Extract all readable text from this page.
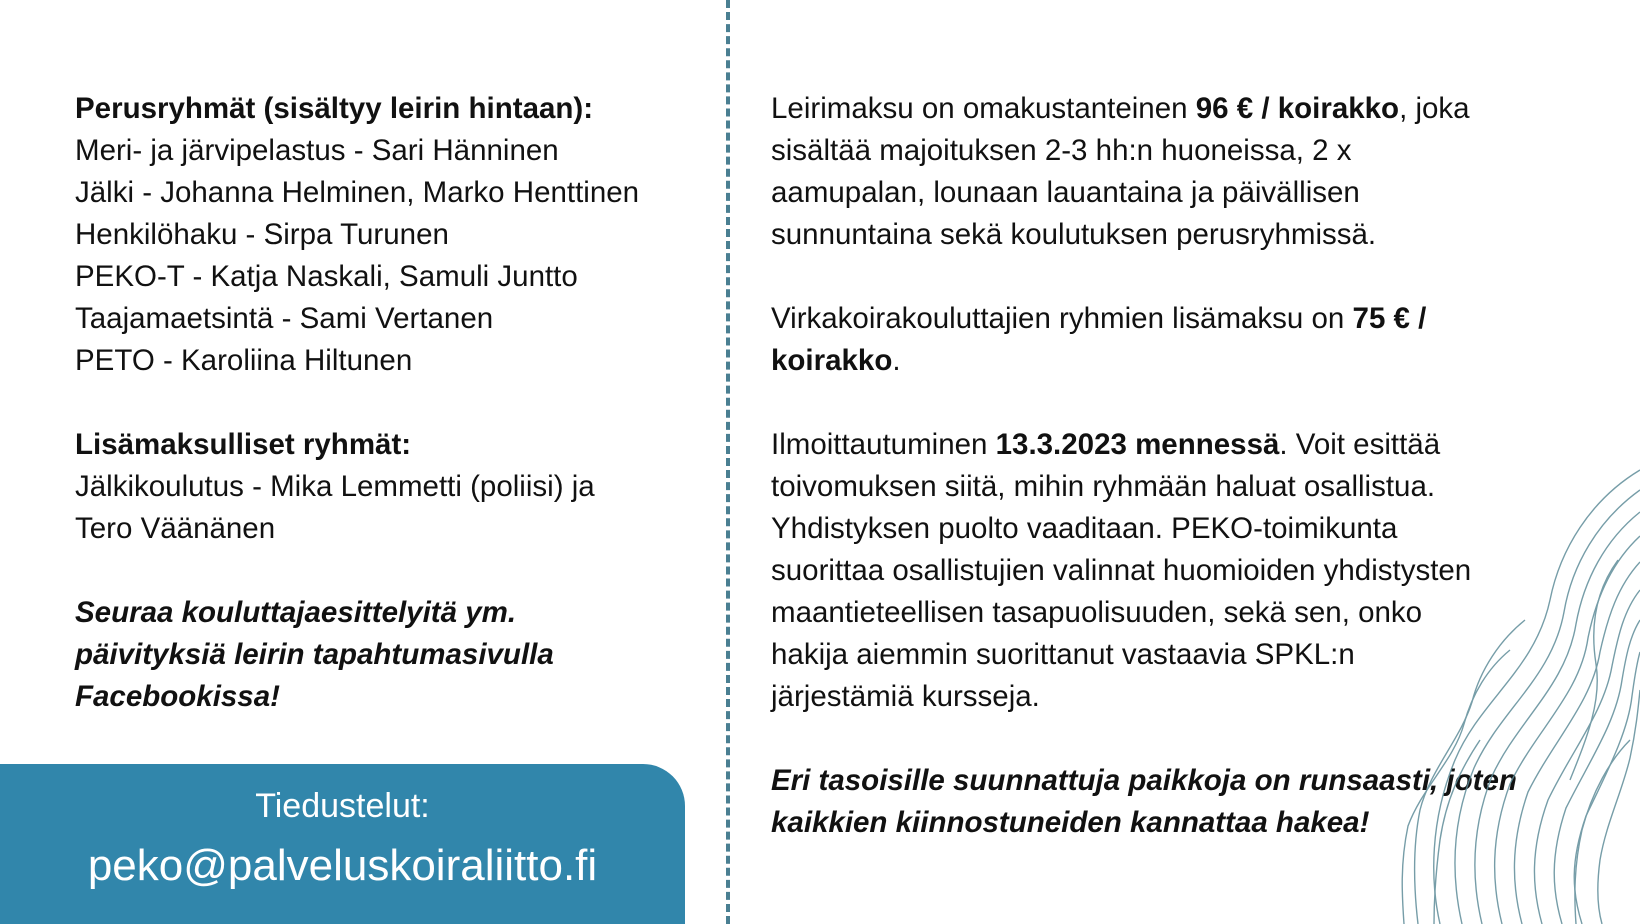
Perusryhmät (sisältyy leirin hintaan):
Meri- ja järvipelastus - Sari Hänninen
Jälki - Johanna Helminen, Marko Henttinen
Henkilöhaku - Sirpa Turunen
PEKO-T - Katja Naskali, Samuli Juntto
Taajamaetsintä - Sami Vertanen
PETO - Karoliina Hiltunen
Lisämaksulliset ryhmät:
Jälkikoulutus - Mika Lemmetti (poliisi) ja
Tero Väänänen
Seuraa kouluttajaesittelyitä ym.
päivityksiä leirin tapahtumasivulla
Facebookissa!
Tiedustelut:
peko@palveluskoiraliitto.fi
Leirimaksu on omakustanteinen 96 € / koirakko, joka
sisältää majoituksen 2-3 hh:n huoneissa, 2 x
aamupalan, lounaan lauantaina ja päivällisen
sunnuntaina sekä koulutuksen perusryhmissä.
Virkakoirakouluttajien ryhmien lisämaksu on 75 € /
koirakko.
Ilmoittautuminen 13.3.2023 mennessä. Voit esittää
toivomuksen siitä, mihin ryhmään haluat osallistua.
Yhdistyksen puolto vaaditaan. PEKO-toimikunta
suorittaa osallistujien valinnat huomioiden yhdistysten
maantieteellisen tasapuolisuuden, sekä sen, onko
hakija aiemmin suorittanut vastaavia SPKL:n
järjestämiä kursseja.
Eri tasoisille suunnattuja paikkoja on runsaasti, joten
kaikkien kiinnostuneiden kannattaa hakea!
